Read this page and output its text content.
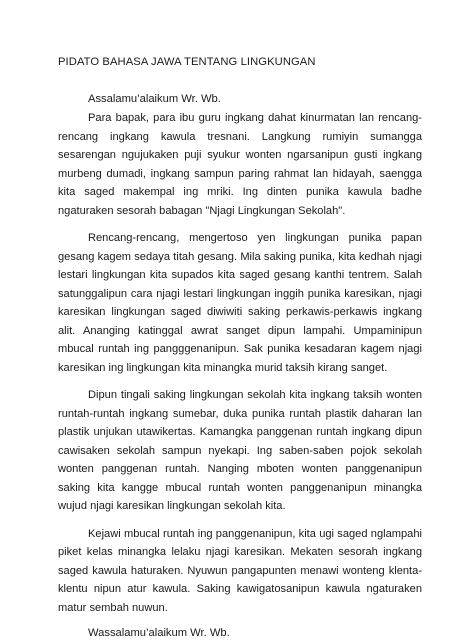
PIDATO BAHASA JAWA TENTANG LINGKUNGAN
Assalamu’alaikum Wr. Wb.

Para bapak, para ibu guru ingkang dahat kinurmatan lan rencang-rencang ingkang kawula tresnani. Langkung rumiyin sumangga sesarengan ngujukaken puji syukur wonten ngarsanipun gusti ingkang murbeng dumadi, ingkang sampun paring rahmat lan hidayah, saengga kita saged makempal ing mriki. Ing dinten punika kawula badhe ngaturaken sesorah babagan "Njagi Lingkungan Sekolah".

Rencang-rencang, mengertoso yen lingkungan punika papan gesang kagem sedaya titah gesang. Mila saking punika, kita kedhah njagi lestari lingkungan kita supados kita saged gesang kanthi tentrem. Salah satunggalipun cara njagi lestari lingkungan inggih punika karesikan, njagi karesikan lingkungan saged diwiwiti saking perkawis-perkawis ingkang alit. Ananging katinggal awrat sanget dipun lampahi. Umpaminipun mbucal runtah ing pangggenanipun. Sak punika kesadaran kagem njagi karesikan ing lingkungan kita minangka murid taksih kirang sanget.

Dipun tingali saking lingkungan sekolah kita ingkang taksih wonten runtah-runtah ingkang sumebar, duka punika runtah plastik daharan lan plastik unjukan utawikertas. Kamangka panggenan runtah ingkang dipun cawisaken sekolah sampun nyekapi. Ing saben-saben pojok sekolah wonten panggenan runtah. Nanging mboten wonten panggenanipun saking kita kangge mbucal runtah wonten panggenanipun minangka wujud njagi karesikan lingkungan sekolah kita.

Kejawi mbucal runtah ing panggenanipun, kita ugi saged nglampahi piket kelas minangka lelaku njagi karesikan. Mekaten sesorah ingkang saged kawula haturaken. Nyuwun pangapunten menawi wonteng klenta-klentu nipun atur kawula. Saking kawigatosanipun kawula ngaturaken matur sembah nuwun.

Wassalamu’alaikum Wr. Wb.
